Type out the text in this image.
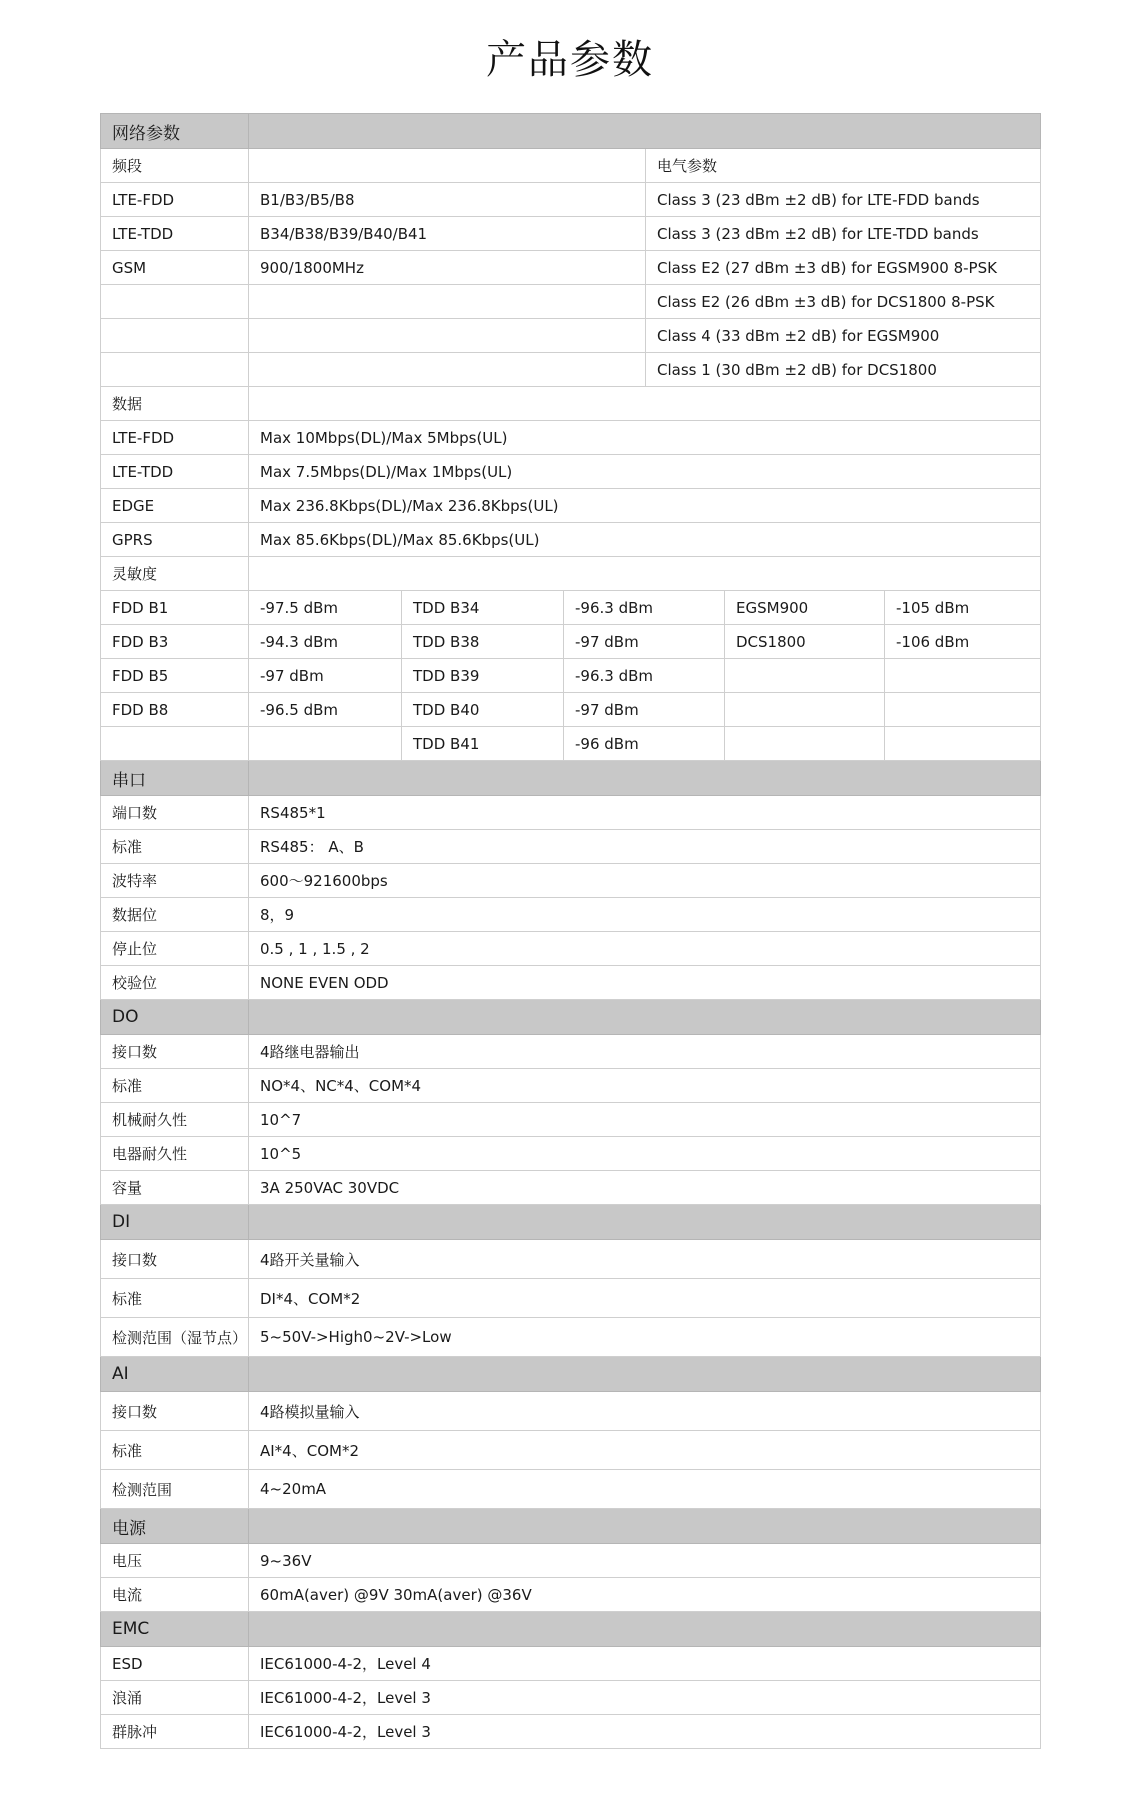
产品参数
网络参数						
频段				电气参数		
LTE-FDD	B1/B3/B5/B8			Class 3 (23 dBm ±2 dB) for LTE-FDD bands		
LTE-TDD	B34/B38/B39/B40/B41			Class 3 (23 dBm ±2 dB) for LTE-TDD bands		
GSM	900/1800MHz			Class E2 (27 dBm ±3 dB) for EGSM900 8-PSK		
				Class E2 (26 dBm ±3 dB) for DCS1800 8-PSK		
				Class 4 (33 dBm ±2 dB) for EGSM900		
				Class 1 (30 dBm ±2 dB) for DCS1800		
数据						
LTE-FDD	Max 10Mbps(DL)/Max 5Mbps(UL)					
LTE-TDD	Max 7.5Mbps(DL)/Max 1Mbps(UL)					
EDGE	Max 236.8Kbps(DL)/Max 236.8Kbps(UL)					
GPRS	Max 85.6Kbps(DL)/Max 85.6Kbps(UL)					
灵敏度						
FDD B1	-97.5 dBm	TDD B34	-96.3 dBm		EGSM900	-105 dBm
FDD B3	-94.3 dBm	TDD B38	-97 dBm		DCS1800	-106 dBm
FDD B5	-97 dBm	TDD B39	-96.3 dBm			
FDD B8	-96.5 dBm	TDD B40	-97 dBm			
		TDD B41	-96 dBm			
串口						
端口数	RS485*1					
标准	RS485： A、B					
波特率	600～921600bps					
数据位	8，9					
停止位	0.5 , 1 , 1.5 , 2					
校验位	NONE EVEN ODD					
DO						
接口数	4路继电器输出					
标准	NO*4、NC*4、COM*4					
机械耐久性	10^7					
电器耐久性	10^5					
容量	3A 250VAC 30VDC					
DI						
接口数	4路开关量输入					
标准	DI*4、COM*2					
检测范围（湿节点）	5~50V->High0~2V->Low					
AI						
接口数	4路模拟量输入					
标准	AI*4、COM*2					
检测范围	4~20mA					
电源						
电压	9~36V					
电流	60mA(aver) @9V 30mA(aver) @36V					
EMC						
ESD	IEC61000-4-2，Level 4					
浪涌	IEC61000-4-2，Level 3					
群脉冲	IEC61000-4-2，Level 3					
